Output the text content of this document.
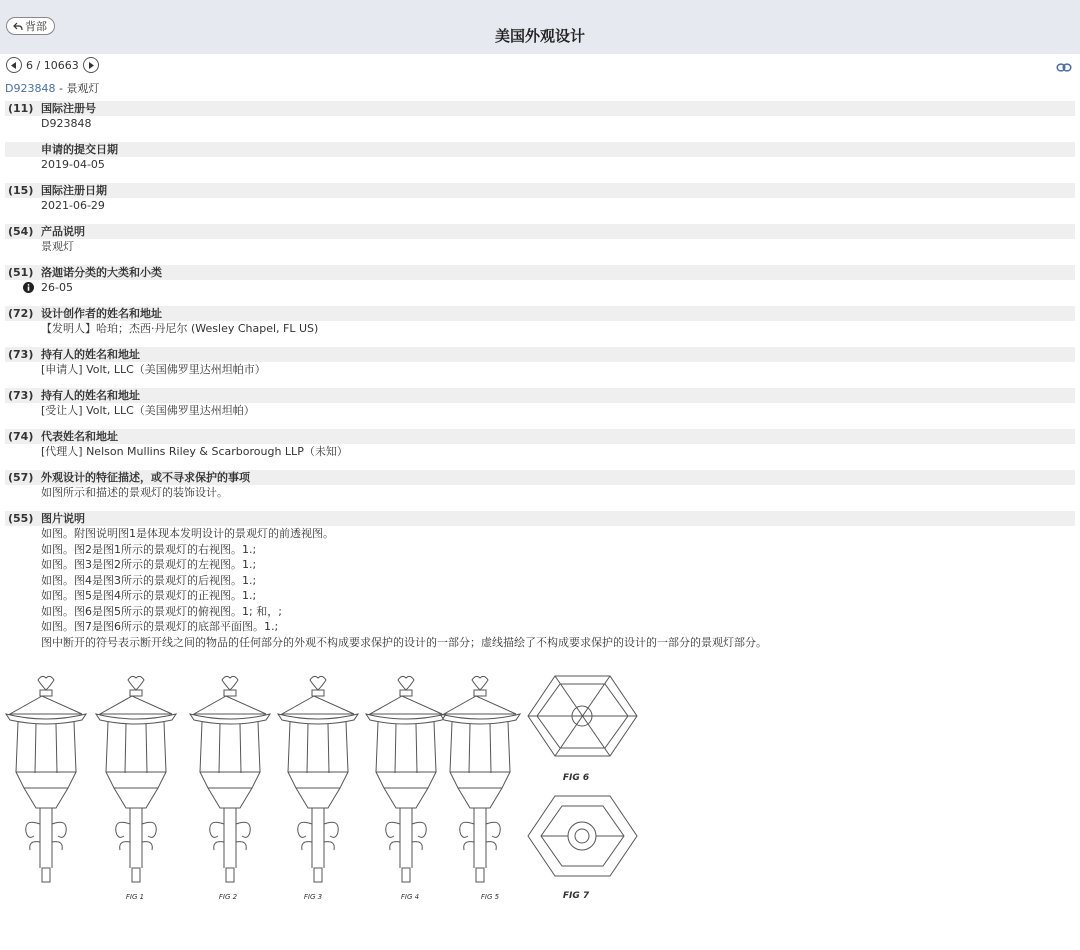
背部
美国外观设计
6 / 10663
D923848 - 景观灯
(11) 国际注册号
D923848
申请的提交日期
2019-04-05
(15) 国际注册日期
2021-06-29
(54) 产品说明
景观灯
(51) 洛迦诺分类的大类和小类
26-05
(72) 设计创作者的姓名和地址
【发明人】哈珀；杰西·丹尼尔 (Wesley Chapel, FL US)
(73) 持有人的姓名和地址
[申请人] Volt, LLC（美国佛罗里达州坦帕市）
(73) 持有人的姓名和地址
[受让人] Volt, LLC（美国佛罗里达州坦帕）
(74) 代表姓名和地址
[代理人] Nelson Mullins Riley & Scarborough LLP（未知）
(57) 外观设计的特征描述，或不寻求保护的事项
如图所示和描述的景观灯的装饰设计。
(55) 图片说明
如图。附图说明图1是体现本发明设计的景观灯的前透视图。
如图。图2是图1所示的景观灯的右视图。1.;
如图。图3是图2所示的景观灯的左视图。1.;
如图。图4是图3所示的景观灯的后视图。1.;
如图。图5是图4所示的景观灯的正视图。1.;
如图。图6是图5所示的景观灯的俯视图。1; 和，;
如图。图7是图6所示的景观灯的底部平面图。1.;
图中断开的符号表示断开线之间的物品的任何部分的外观不构成要求保护的设计的一部分；虚线描绘了不构成要求保护的设计的一部分的景观灯部分。
FIG 1	FIG 2	FIG 3	FIG 4	FIG 5
FIG 6
FIG 7
